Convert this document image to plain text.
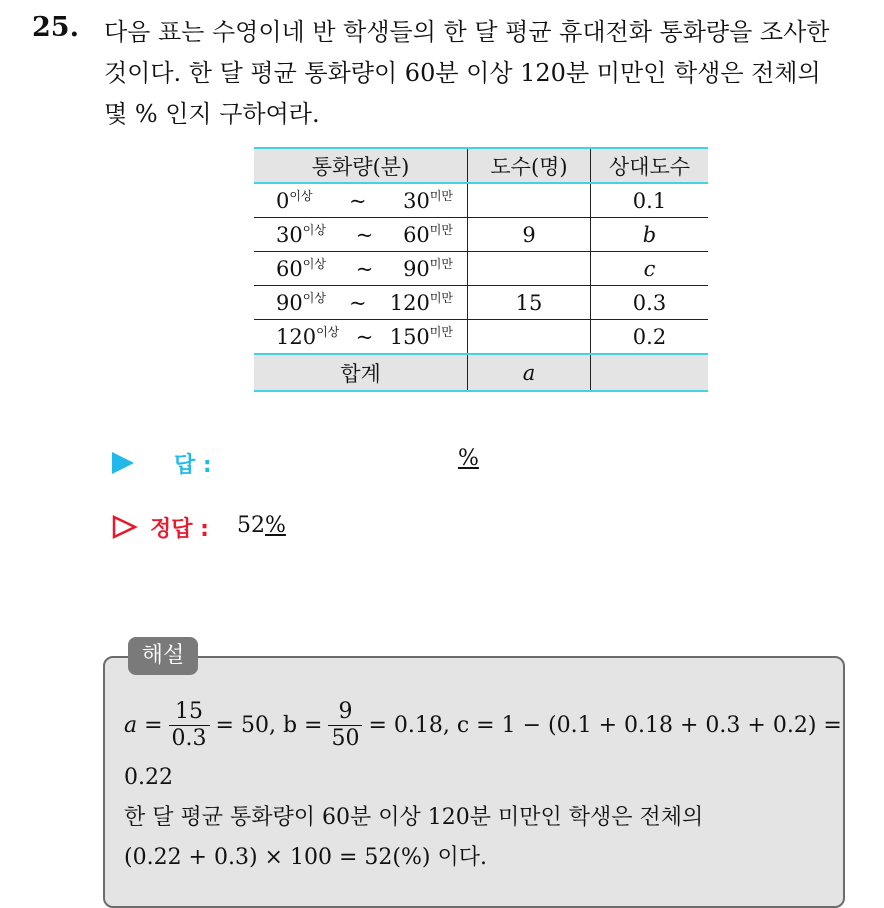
25. 다음 표는 수영이네 반 학생들의 한 달 평균 휴대전화 통화량을 조사한
것이다. 한 달 평균 통화량이 60분 이상 120분 미만인 학생은 전체의
몇 % 인지 구하여라.
통화량(분)	도수(명)	상대도수

$0^{이상}$ ~ $30^{미만}$		0.1

$30^{이상}$ ~ $60^{미만}$	9	b

$60^{이상}$ ~ $90^{미만}$		c

$90^{이상}$ ~ $120^{미만}$	15	0.3

$120^{이상}$ ~ $150^{미만}$		0.2
합계	a	
답 :	%
정답 : 52%
해설
$a = \frac{15}{0.3} = 50$, $b = \frac{9}{50} = 0.18$, c = 1 − (0.1 + 0.18 + 0.3 + 0.2) =
0.22
한 달 평균 통화량이 60분 이상 120분 미만인 학생은 전체의
(0.22 + 0.3) × 100 = 52(%) 이다.
